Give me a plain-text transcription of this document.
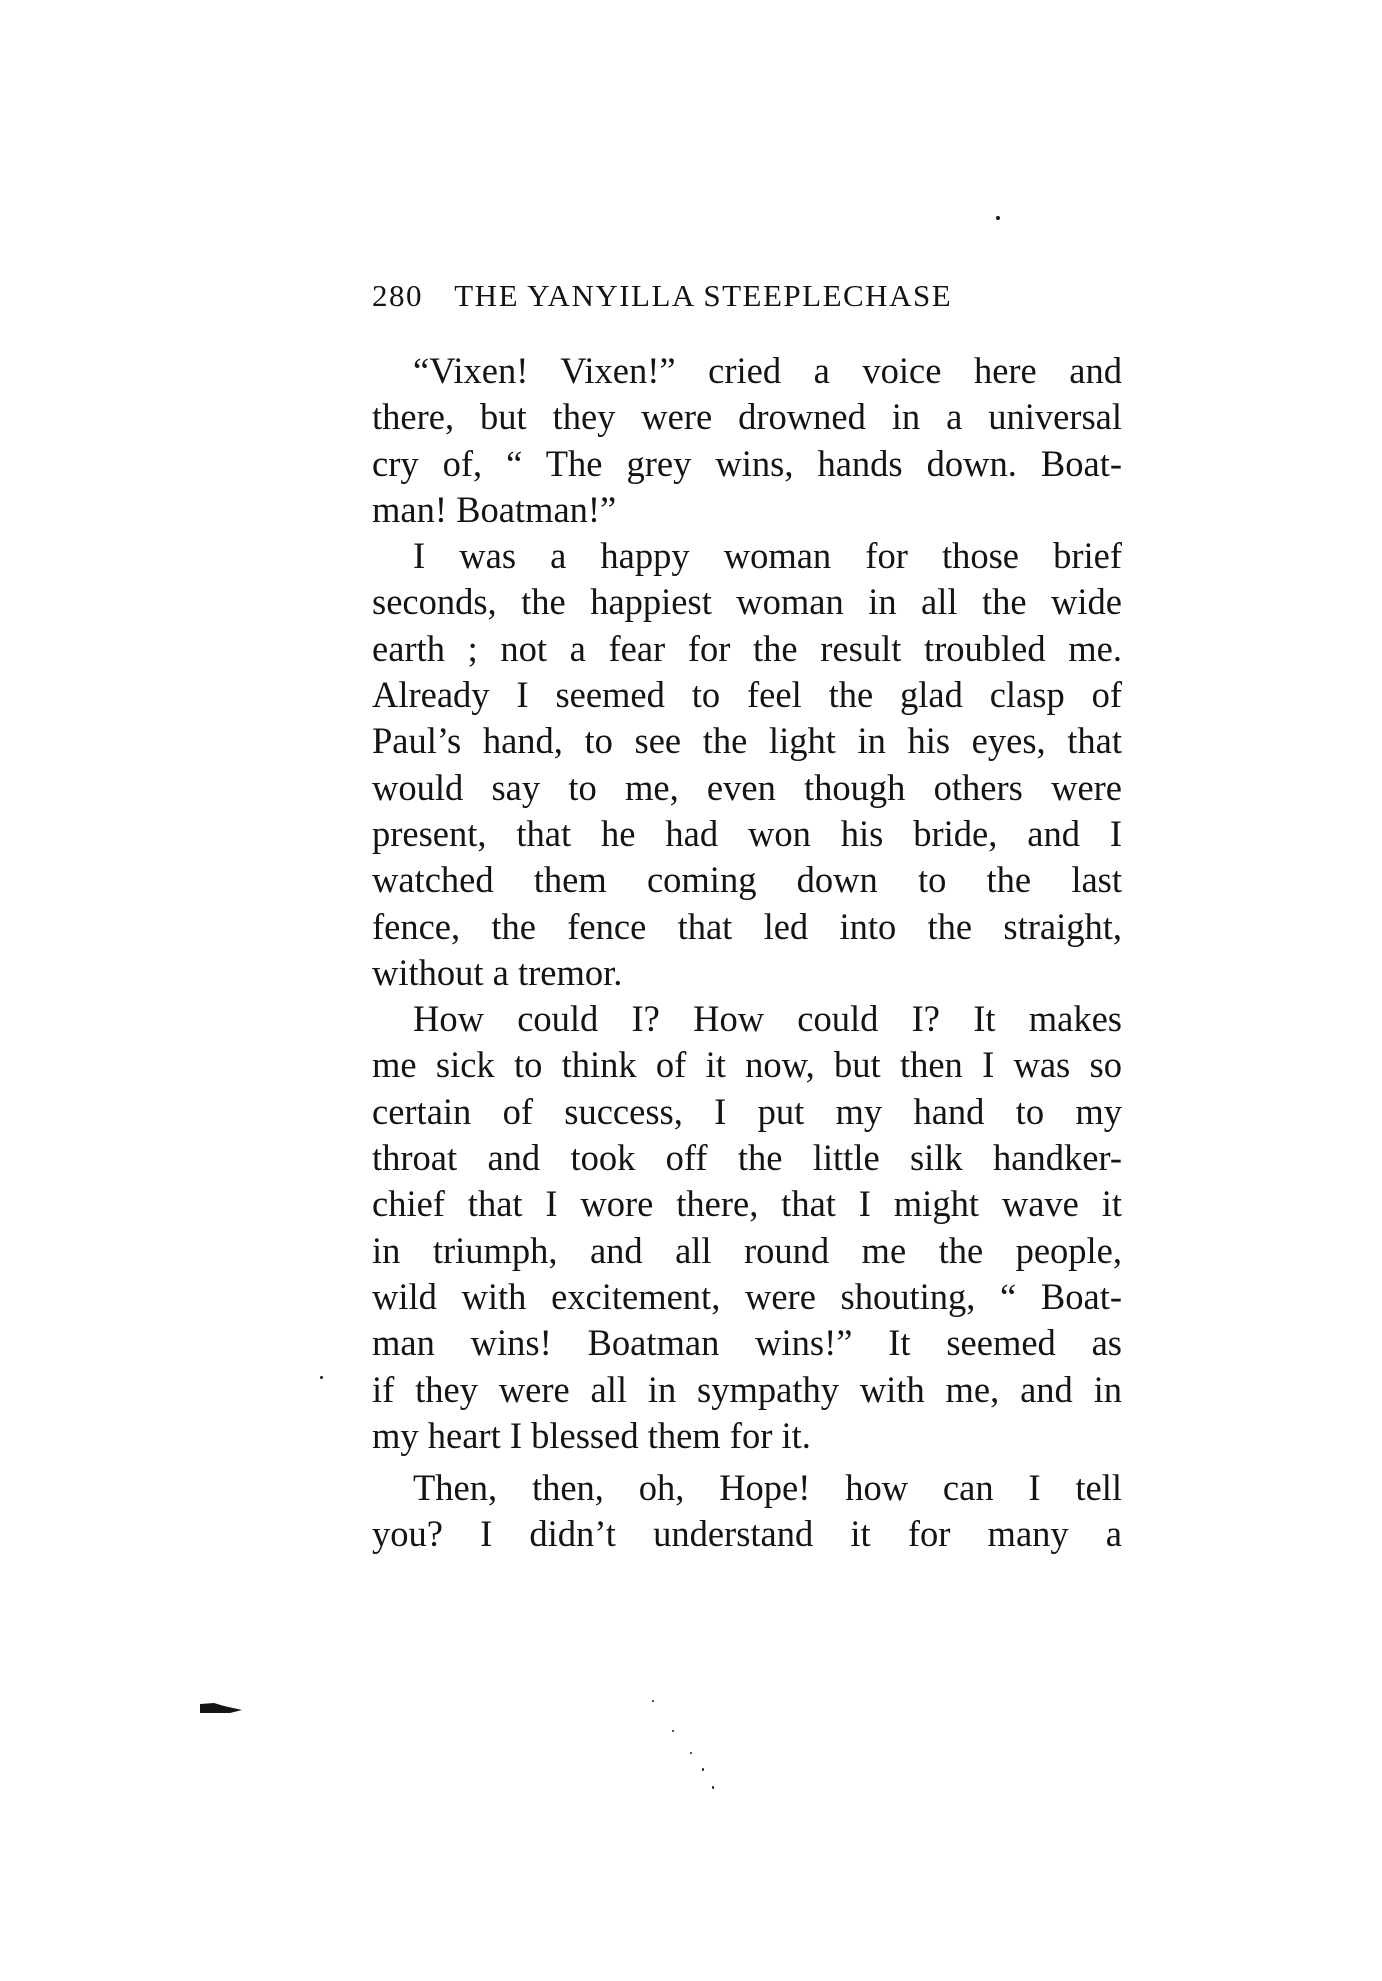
280 THE YANYILLA STEEPLECHASE
“Vixen! Vixen!” cried a voice here and
there, but they were drowned in a universal
cry of, “ The grey wins, hands down. Boat-
man! Boatman!”
I was a happy woman for those brief
seconds, the happiest woman in all the wide
earth ; not a fear for the result troubled me.
Already I seemed to feel the glad clasp of
Paul’s hand, to see the light in his eyes, that
would say to me, even though others were
present, that he had won his bride, and I
watched them coming down to the last
fence, the fence that led into the straight,
without a tremor.
How could I? How could I? It makes
me sick to think of it now, but then I was so
certain of success, I put my hand to my
throat and took off the little silk handker-
chief that I wore there, that I might wave it
in triumph, and all round me the people,
wild with excitement, were shouting, “ Boat-
man wins! Boatman wins!” It seemed as
if they were all in sympathy with me, and in
my heart I blessed them for it.
Then, then, oh, Hope! how can I tell
you? I didn’t understand it for many a
